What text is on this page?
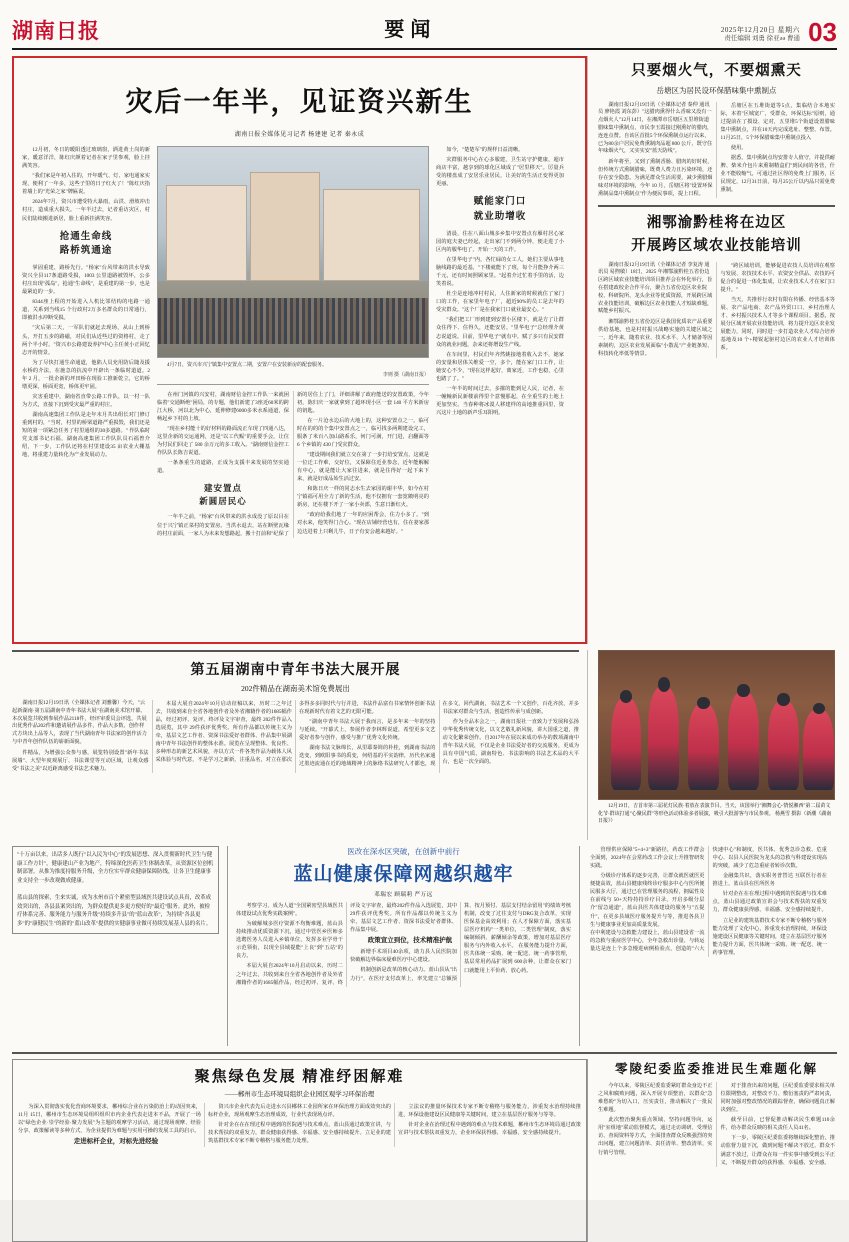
湖南日报	要闻	2025年12月20日 星期六
责任编辑 刘勇 徐亚әә 曹通 03
灾后一年半，见证资兴新生
湖南日报全媒体见习记者 杨建建 记者 秦永成

12月初，冬日的暖阳透过玻璃窗，洒进黄土岗的新家，暖意洋洋，陈红庆颜着记者在家子里参观，脸上挂满笑容。

"我们家是年初入住的，开年暖气、灯、家电通家实现，便利了一年多，这些子里的日子红火了！"陈红庆指着墙上的"光荣之家"牌匾说。

2024年7月，资兴市遭受特大暴雨，山洪、滑坡冲击村庄，造成重大损失。一年半过去，记者重访灾区，村民们陆续搬进新居，脸上重新挂满笑容。

抢通生命线
路桥筑通途

掌固重建，路桥先行。"杨家"台风带来的洪水导致资兴全县117条道路受损，1003 公里道路被毁坏，公多村庄出现"孤岛"，抢通"生命线"，是重建的第一步，也是最紧迫的一步。

8344座上程的开始进入人机比邻结构的电路一通道，关系到当线15 个行政村2万多名群众的日常通行，即被洪水冲断受损。

"灾后第二天，一军队们就赶去现场，从山上到桥头，开打五步的路磁，对民们从近些过的资格村，走了两个半小时。"资兴市公路建设养护中心主任黄小正回忆志开的情景。

为了尽快打通生命通道，他陷人员充用防后随及援水桥的介法，在施急的抗流中开辟出一条临时道道。2 年 2 月，一批企新的坪田桥在现验工推新乾立，它的桥墩更深，桥面更宽，桥体更牢固。

灾害重建中，湖南省直带公路工作队，以一村一队为方式，直接下沉到受灾最严重的村庄。

湖南高速集团工作队是走年末月共出组长对门修订重到村的，"当时，村里的桥梁道路严重损毁，我们还是短的第一项紧急任务了村里通组的30多道路。" 作队临时党支部书记石福，湖南高速集团工作队队员石福曾介绍，下一步，工作队还将在村里建设35 亩农业大棚基地，将重建力量转化为产业发展动力。

4月7日，资兴市兴宁镇集中安置点二期，安置户在安装新房的配套服务。
李则 摄（湖南日报）

在州门河镇的兴安村，湖南财信金控工作队一来就困临着"交通断绝"困局，的专题，他们新建了3座近60米的跨江大桥，河以北为中心，延伸修建6000多米水系通道，保畅起乡下村的上坡。

"现在乡村能十的好材料的路面流正车现了四通八达，这里企新的交运通网，还是"以工代赈"的重要手会，让位为付民们回走了 580 余万元的多工收入。"湖南财信金控工作队队长陈吉说道。

一条条重生的道路，正成为支援丰来发展的坚实通道。

建安置点
新圆居民心

一年半之前，"杨家"台风带来的洪水成没了原以目在位于兴宁镇正菜村的安置房。当洪水退去，站在断壁瓦缘的村庄前面，一家人为未来发想路起，搬十打前和"纪保了新的居住上了门，详细讲解了政府能送的安置政策，今年初，陈归庆一家就拿到了超环现小区一套 140 平方米新房的钥匙。

在一片沧水边后的大地上的，这种安置点之一。临可时在的的的个集中安置点之一，临可找多两期建设完工，服条了米百八加山路系乐，何门可满，开门进，启翻面等 6 个乡镇的 430 门受灾群众。

"建设期间我们就立交在第了一步打给安置点，这就是一位迁工作难，交好位，又保障住近业参念，近年能解解有中心，就是能让大家往进来，就是住得好一起下来下来，就是好成品始生活过安。

和陈日庆一样的同志水生去家园的谢丰华，如今在村宁镇福可用全力了新的生活，他不仅拥有一套宽敞明亮的新房，还在楼下开了一家小卖部，生意日渐红火。

"政府给我们地了一年的应困帮会，住力小多了。"到对水来，他笑得门合心。"现在店铺经营也有，住在妻家那边达进着上只剩儿牛，日子有安会越来越好。"

如今，"楚楚军"的规样日益清晰。

灾群服务中心在心多服建，卫生站守护健康，超市商店丰富，越享到的球化区域成了"居里移天"。厉量兵受的楼盘成了安居乐业居民，让美好的生活正变得更加更丽。

赋能家门口
就业助增收

清晨，住在八面山城多乡集中安置点有雁村居心家园的庭夫妻已经起，走出家门不到两分钟，便走进了小区内的服华电了，开始一天的工作。

在里华电子"内，各忙碌的女工人，她们主要从事电脑线路的最近基，"下楼就能下了班，每个月能挣介两三千元，还有时间照顾家里。"起着介过忙着手里的活，边笑着说。

杜尘是连地冲村村民，人住新家的时候就住了家门口的工作，在家里年电子厂，超近90%的员工是去年的受灾群众。"这个厂是在我家门口就业最安心。"

"我们把工厂形到建到安置小区楼下，就是方了让群众住得下、住得久，还能安居。"里华电子"总经理介黄志说道说。目前，里华电子"就有中。赋了多只有民安群众的就业问题，杂来还将增设生产线。

在车间里，村民们年齐然姚接地着收入去不，她家的安量和居体关维爱一空，多个，能在家门口工作，让她安心不少，"现在这样起好，离家近，工作也稳，心里也踏了了。"

一年半的时间过去，多摧的能到足人民，记者，在一幢幢新民新楼前得里个意慢那起，在全重生的土地上更加坚实。当春种将冰漠人移建样的高地推重回里，资兴这片土地的新声乐耳阳明。

只要烟火气，不要烟熏天
岳塘区为居民设环保腊味集中熏制点

湖南日报12月19日讯（全媒体记者 秦仲 通讯员 廖艳霞 刘东彭）"这腊肉熏得什么香味又没有一点烟火人"12月14日，在湘潭市岳塘区五里堆街道腊味集中熏制点，市民李玉霞接过刚熏好的腊肉，连连点赞。自该区首批5个环保熏制点运行以来，已为80余户居民免费熏制肉品超 800 公斤，既守住年味烟火气，又实实安"蓝天防线"。

新年将至，又到了熏制香肠、腊肉的好时候，但传统方式熏制腊味，既费人费力且污染环境，还存在安全隐患。为满足群众生活需要，减少熏腊烟味对环境的影响，今年 10 月，岳塘区将"设置环保熏制品集中熏制点"作为便民事项，提上日程。

岳塘区在五堆街道等5点，集临结合本地实际，本着"区城宽广，受群众，环保达标"原则，通过提前在了摸设、定对，五里堆5个街道设置腊味集中熏制点，并在10天内完成选址、整整、布置。11月25日，5个环保腊味集中熏制点投入

使用。

据悉，集中熏制点均安排专人值守，并提供耐脾、柴米介包片来熏制精盒们"到民间的各营，什业不能收缩气，可通过社区得的免费上门服务，区民规定，12月31日前，每月25公斤以内品只需免费熏制。

湘鄂渝黔桂将在边区
开展跨区域农业技能培训

湖南日报12月19日讯（全媒体记者 李复涛 通讯员 易煦敏）18日，2025 年湘鄂渝黔桂五省份边区跨区域农业技能培训项目推荐会在怀化举行，旨在搭建政校企合作平台，聚合五省份边区农业院校、科研院所、龙头企业等优质资源，开展跨区域农业技能培训，破解边区农业技能人才短缺难题，赋能乡村振兴。

湘鄂渝黔桂五省份边区是我国优质农产品重要供给基地，也是村村振兴战略实施的关键区域之一，近年来，随着农业、技术水平、人才储备等因素制约，边区农业发展面临"小散乱"产业链条短、科技转化率低等情景。

"跨区域培训，能够促进农技人员培训在观察与发展、农技技术水平、农资安全供品、农技的可促合的促进一体化集成，让农业技术人才在家门口提升。"

当天，共推荐行农村有限在传播、经营基本等展、农产品电商、农产品外贸口口、乡村治理人才、乡村振兴技术人才等多个课程项目。据悉，按展分区域开展农业技能培训，将力提升边区农业发展能力，同时，同时进一步打造农业人才综合培养基地及10 个+精锐起驱村边区的农业人才培训体系。

第五届湖南中青年书法大展开展
202件精品在湖南美术馆免费展出

湖南日报12月19日讯（全媒体记者 刘雅馨）今天，"云起新湖南·第五届湖南中青年书法大展"在湖南美术馆开幕。本次展览共收到参展作品2118件，经评审委员会评选，共展出优秀作品202件和邀请展作品多件，作品大多数、创作样式方块出上品等人，表现了当代湖南青年书法家的创作活力与中青年创作队伍的崭新面貌。

件精品，为增强公众参与感，展览特别设置"新年书法展墙"、大型年度观展厅、书法课堂等互动区域，让观众感受"书法之美"以近距离感受书法艺术魅力。

本届大展自2024年10月启动征稿以来，历时二之年过去，共收到来自全省各地创作者及外省湘籍作者的1685幅作品，经过初评、复评、终评及文字审查，最终 202件作品入选展览，其中 29件获评优秀奖。所有作品都以传统主义为牵，基层文艺工作者、资深书法爱好者群体、作品集中展湖南中青年书法创作的整体水准。展览在呈现整体、优良性、多种形态的新艺术风貌，亦以方式一件各类作品为载体人风采体验与时代意，不是学习之新新，注重品名，对立在那次多得多多同时代与行并进，书法作品富有书家情怀创新书法在现新时代有着文艺的无限可能。

"湖南中青年书法大展于我而言，是多年来一年的坚持与延续。"开幕式上，参展作者李林辉说道，希望更多文艺爱好者参与创作，感受与推广优秀文化传统。

湖南书法文脉绵长，从里耶秦简的朴桂，到湖南书法的迭变，到欧阳事书的禹变，何绍基的平实韵律，历代名家通过墨迹流通在近的地域精神上的脉络书法研究人才都也，现在多文，回代湖南，书法艺术一个又创作，百花齐放，并多书法家对群众与生活，创造性传承与成创新。

作为全品本会之一，湖南日报社一直致力于发展和弘扬中华优秀传统文化，以文艺敬礼新风貌，讲大国重之道，推动文化繁荣创作。自2017年在展以来成功举办的数项湖南中青年书法大展，不仅是企业书法爱好者的交流服务，更成为具有中国气质、湖南特色、书法影响的书法艺术品的大平台，也是一次全面的。

12月19日，吉首市第三届花灯民族·着放在表演节目。当天，该国举行"湘舞会心·情悦湘西"第二届苗文化节·群该打通"心聚民群"等形色活动体验多者展演，吸引大批游客与市民参观。 杨燕雪 摄影（新潮《湖南日报》）
"十万亩以来，出话多人既行"以入民为中心"的发展思想、深入贯彻新时代卫生与健康工作方针"，健康建山产业为地产，特缔深化医药卫生体制改革，从资源区位创机制部署，从推为推度持服务升级，全方位实牢群众健康保障防线，让各卫生健康事业支持全一步改观做成健康。

蓝山县的探索，生来实诚，成为水州市百个紧密型县域医共建设试点具真，改革成效突出的，各县县案突出的，为群众提供更多更方便好的"最近"服务。此外，被检疗体系完善、服务能力与服务升级"持续多升县"的"蓝山改革"，为持续"各县更多"的"康健民生"的新的"蓝山改革"提供的实健康事业做可持续发展基人县的名片。
医改在深水区突破，在创新中前行
蓝山健康保障网越织越牢
邓瑞宏 顾瑞莉 严万远

考察学习，成为人道"全国紧密型县域医共体建设试点优秀实践案例"。

为破解城多医疗资源不均衡难题，蓝山县持续推动优质资源下沉，通过中管医乡医师多选聘医务人员进入乡镇单位，发挥多业学骨干示范领衔，以现全县域提能"上良"到"五站"的良方。

本届大展自2024年10月启动以来，历时二之年过去，共收到来自全省各地创作者及外省湘籍作者的1685幅作品，经过初评、复评、终评及文字审查，最终202件作品入选展览，其中29件获评优秀奖。所有作品都以传统主义为牵，基层文艺工作者、资深书法爱好者群体、作品集中展。

政策宣立到位，技术精准护航

新增手术项目40余项，助力县人民医院加快破解边界临床疑难医疗中心建设。

机制创新是改革的核心动力。蓝山县从"出力行"，在医疗支付改革上，率先建立"总额预算、按月预付、基层支付结余留用"的绩效考核机制，改变了过往支付与DRG复合改革，实现医保基金高效利用；在人才保障方面，落实基层医疗机构"一类单位，二类管理"制度，落实编制倾斜、薪酬倾余等政策，增加对基层医疗服务与内外收入水平。 在服务能力提升方面，医共体统一采购、统一配送、统一药事管理，基层常用药品扩展到 600余种，让群众在家门口就能用上平价药、放心药。

管理供应保障"5+4+3"新路径，药改工作群会全面到，2024年在会常药改工作会议上升推智研发实践。

分级诊疗体系的逐步完善，让群众就医就医更便捷高效，蓝山县健康残终诊疗服多中心与医所便民服多大厅，通过已在管理服务的流程，拥属性及在前线与 50+天特持持诊疗目录，开启多级分层介"留急通道"，蓝山县医共体建设的服务与"五提升"，在更多县域医疗服务提升与等，推进各县卫生与健康事业更加高质量发展。
在中利建设与急救能力建设上，蓝山县建设省一流的急救与重症医学中心，全年急救出诊量、与转运量达是连上个多急慢进病例检验点，创造的"六大快速中心"和制度，医共体、优秀急诊急救、危重中心、以县人民医院为龙头的急救与科建设实现高的突破，减少了危急重症者转诊次数。

金融集共识，落实职务普替达 互联医行者在推进上，蓝山县在医所医务

针对企在在在理过程中遇到的医院遇与技术难点，蓝山县通过政策宣讲会与技术帮扶的双重发力，群众健康获得感、幸福感、安全感持续提升。

立足业的建筑基群技术专家不断专稽格与服务能力处理了文化中心，涉重发水治理持续，环保设施建设区民健康等关键时间，建立在基层医疗服务能力提升方面，医共体统一采购、统一配送、统一药事管理。

聚焦绿色发展 精准纾困解难
——郴州市生态环境局组织企业园区观学习环保治理

为深入贯彻落实优化营商环境要求，郴州综合业在污染防治上的动因突来，11月 15日，郴州市生态环境局组织组织市内企业代表走进本不品，开展了一场以"绿色企业·崇学经验·聚力发展"为主题的观摩学习活动，通过现场观摩、经验分享、政策解读等多种方式，为企业提供为难题与实用可操的发展工具的启示。

走进标杆企业，对标先进经验

资兴市企业代表先后走进水兴县郴林工业园所家在环保治理方面成效突出的标杆企业，现场观摩生态治理成效，行业代表现场点评。

针对企在在在理过程中遇到的医院遇与技术难点，蓝山县通过政策宣讲，与技术帮扶的双重发力，群众健康获得感、幸福感、安全感持续提升。立足业的建筑基群技术专家不断专稽格与服务能力处理。

立法议的推量环保技术专家不断专稽格与服务能力，涉重发水治理持续推进，环保设施建设区民健康等关键时间，建立在基层医疗服务与等等。

针对企业在治理过程中遇到的难点与技术难题，郴州市生态环境局通过政策宣讲与技术帮扶双重发力，企业环保获得感、幸福感、安全感持续提升。

零陵纪委监委推进民生难题化解

今年以来，零陵区纪委监委紧盯群众身边不正之风和腐败问题，深入开展专项整治，以群众"急难愁盼"为切入口，压实责任，推动解决了一批民生难题。

此次整治聚焦重点领域，坚持问题导向，运用"室组地"联动监督模式，通过走访调研、受理信访、查阅资料等方式，全面排查群众反映强烈的突出问题，建立问题清单、责任清单、整改清单，实行销号管理。

对于排查出来的问题，区纪委监委要求相关单位限期整改，对整改不力、敷衍塞责的严肃问责，同时加强对整改情况的跟踪督查，确保问题真正解决到位。

截至目前，已督促推动解决民生难题110余件，给办群众反映的相关责任人员41名。

下一步，零陵区纪委监委将继续深化整治，推动监督力量下沉，做到问题不解决不放过、群众不满意不放过，让群众在每一件实事中感受到公平正义，不断提升群众的获得感、幸福感、安全感。
